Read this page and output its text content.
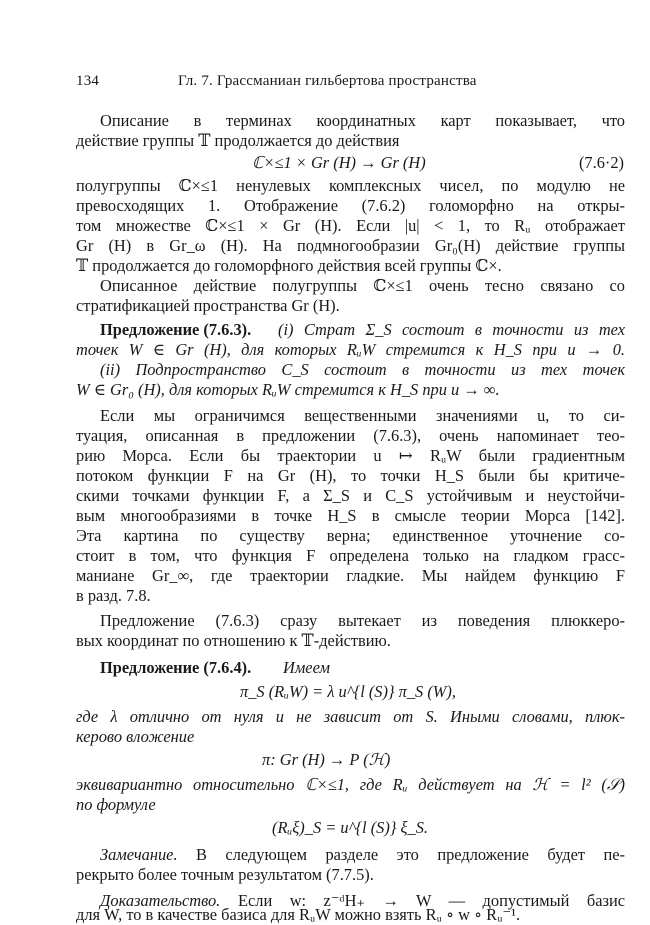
134	Гл. 7. Грассманиан гильбертова пространства
Описание в терминах координатных карт показывает, что
действие группы 𝕋 продолжается до действия
ℂ×≤1 × Gr (H) → Gr (H)	(7.6·2)
полугруппы ℂ×≤1 ненулевых комплексных чисел, по модулю не
превосходящих 1. Отображение (7.6.2) голоморфно на откры-
том множестве ℂ×≤1 × Gr (H). Если |u| < 1, то Rᵤ отображает
Gr (H) в Gr_ω (H). На подмногообразии Gr₀(H) действие группы
𝕋 продолжается до голоморфного действия всей группы ℂ×.
Описанное действие полугруппы ℂ×≤1 очень тесно связано со
стратификацией пространства Gr (H).
Предложение (7.6.3). (i) Страт Σ_S состоит в точности из тех
точек W ∈ Gr (H), для которых RᵤW стремится к H_S при u → 0.
(ii) Подпространство C_S состоит в точности из тех точек
W ∈ Gr₀ (H), для которых RᵤW стремится к H_S при u → ∞.
Если мы ограничимся вещественными значениями u, то си-
туация, описанная в предложении (7.6.3), очень напоминает тео-
рию Морса. Если бы траектории u ↦ RᵤW были градиентным
потоком функции F на Gr (H), то точки H_S были бы критиче-
скими точками функции F, а Σ_S и C_S устойчивым и неустойчи-
вым многообразиями в точке H_S в смысле теории Морса [142].
Эта картина по существу верна; единственное уточнение со-
стоит в том, что функция F определена только на гладком грасс-
маниане Gr_∞, где траектории гладкие. Мы найдем функцию F
в разд. 7.8.
Предложение (7.6.3) сразу вытекает из поведения плюккеро-
вых координат по отношению к 𝕋-действию.
Предложение (7.6.4). Имеем
π_S (RᵤW) = λ u^{l (S)} π_S (W),
где λ отлично от нуля и не зависит от S. Иными словами, плюк-
керово вложение
π: Gr (H) → P (ℋ)
эквивариантно относительно ℂ×≤1, где Rᵤ действует на ℋ = l² (𝒮)
по формуле
(Rᵤξ)_S = u^{l (S)} ξ_S.
Замечание. В следующем разделе это предложение будет пе-
рекрыто более точным результатом (7.7.5).
Доказательство. Если w: z⁻ᵈH₊ → W — допустимый базис
для W, то в качестве базиса для RᵤW можно взять Rᵤ ∘ w ∘ Rᵤ⁻¹.
